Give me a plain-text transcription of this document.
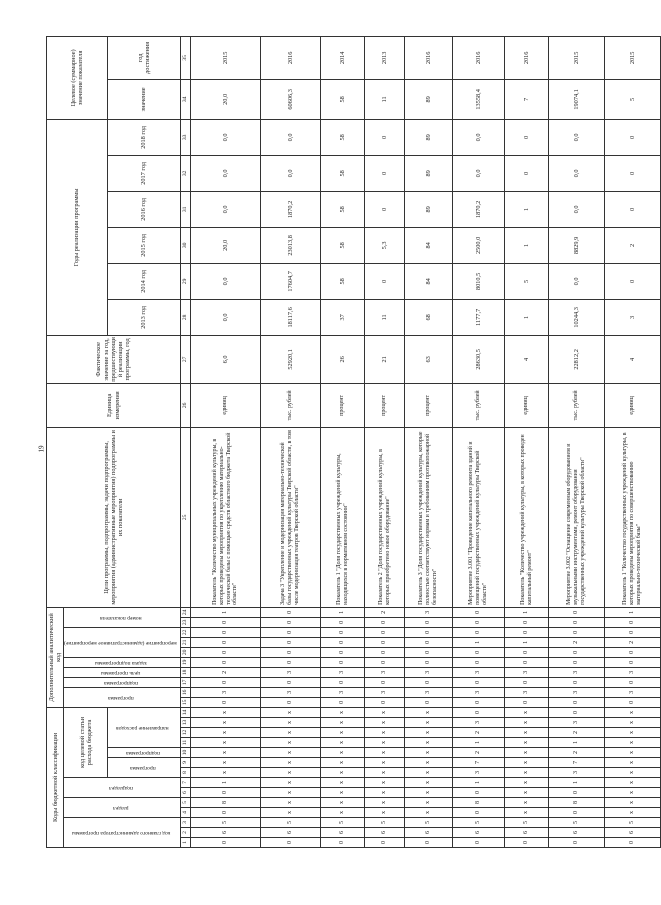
19
Коды бюджетной классификации														Дополнительный аналитический код										Цели программы, подпрограммы, задачи подпрограммы, мероприятия (административные мероприятия) подпрограммы и их показатели	Единица измерения	Фактическое значение за год, предшествующий реализации программы, год	Годы реализации программы						Целевое (суммарное) значение показателя	
код главного администратора программы			раздел		подраздел		код целевой статьи расхода бюджета							программа		подпрограмма	цель программы	задача подпрограммы	мероприятие (административное мероприятие)			номер показателя												
							программа		подпрограмма	направление расходов																	2013 год	2014 год	2015 год	2016 год	2017 год	2018 год	значение	год достижения
1	2	3	4	5	6	7	8	9	10	11	12	13	14	15	16	17	18	19	20	21	22	23	24	25	26	27	28	29	30	31	32	33	34	35
0	6	5	0	8	0	1	x	x	x	x	x	x	x	0	3	0	2	0	0	0	0	0	1	Показатель "Количество муниципальных учреждений культуры, в которых проведены мероприятия по укреплению материально-технической базы с помощью средств областного бюджета Тверской области"	единиц	6,0	0,0	0,0	20,0	0,0	0,0	0,0	20,0	2015
0	6	5	x	x	x	x	x	x	x	x	x	x	x	0	3	0	3	0	0	0	0	0	0	Задача 3 "Укрепление и модернизация материально-технической базы государственных учреждений культуры Тверской области, в том числе модернизация театров Тверской области"	тыс. рублей	52920,1	18117,6	17604,7	23013,8	1870,2	0,0	0,0	60606,3	2016
0	6	5	x	x	x	x	x	x	x	x	x	x	x	0	3	0	3	0	0	0	0	0	1	Показатель 1 "Доля государственных учреждений культуры, находящихся в нормативном состоянии"	процент	26	37	58	58	58	58	58	58	2014
0	6	5	x	x	x	x	x	x	x	x	x	x	x	0	3	0	3	0	0	0	0	0	2	Показатель 2 "Доля государственных учреждений культуры, в которых приобретено новое оборудование"	процент	21	11	0	5,3	0	0	0	11	2013
0	6	5	x	x	x	x	x	x	x	x	x	x	x	0	3	0	3	0	0	0	0	0	3	Показатель 3 "Доля государственных учреждений культуры, которые полностью соответствуют нормам и требованиям противопожарной безопасности"	процент	63	68	84	84	89	89	89	89	2016
0	6	5	0	8	0	1	3	7	2	1	2	3	0	0	3	0	3	0	0	1	0	0	0	Мероприятие 3.001 "Проведение капитального ремонта зданий и помещений государственных учреждений культуры Тверской области"	тыс. рублей	28630,5	1177,7	8010,5	2500,0	1870,2	0,0	0,0	13558,4	2016
0	6	5	x	x	x	x	x	x	x	x	x	x	x	0	3	0	3	0	0	1	0	0	1	Показатель "Количество учреждений культуры, в которых проведен капитальный ремонт"	единиц	4	1	5	1	1	0	0	7	2016
0	6	5	0	8	0	1	3	7	2	1	2	3	0	0	3	0	3	0	0	2	0	0	0	Мероприятие 3.002 "Оснащение современным оборудованием и музыкальными инструментами, ремонт оборудования государственных учреждений культуры Тверской области"	тыс. рублей	22812,2	10244,3	0,0	8829,9	0,0	0,0	0,0	19074,1	2015
0	6	5	x	x	x	x	x	x	x	x	x	x	x	0	3	0	3	0	0	2	0	0	1	Показатель 1 "Количество государственных учреждений культуры, в которых проведены мероприятия по совершенствованию материально-технической базы"	единиц	4	3	0	2	0	0	0	5	2015
